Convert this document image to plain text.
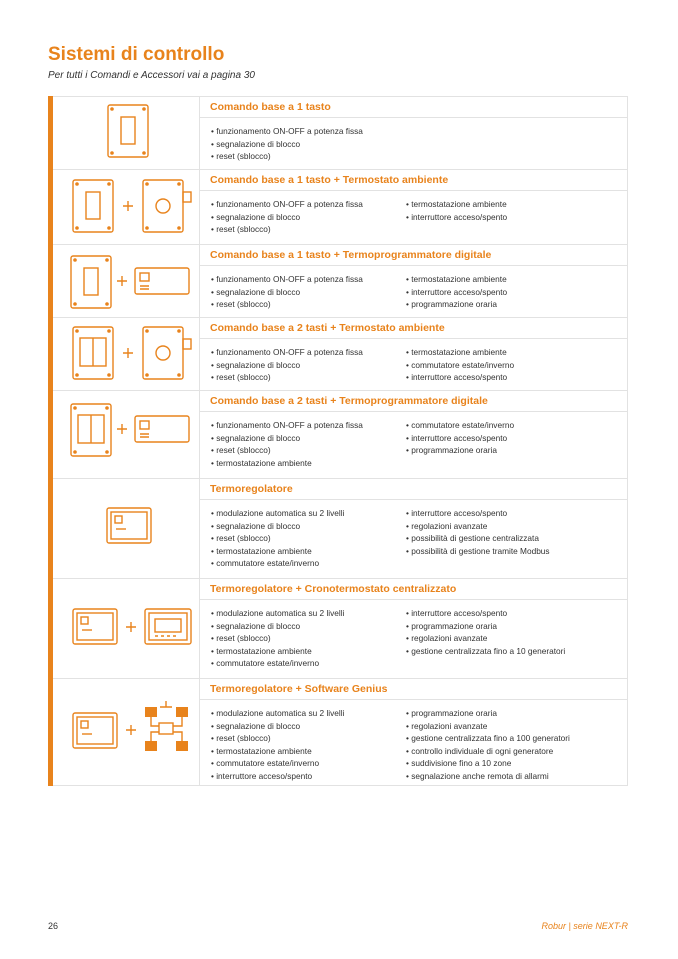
Sistemi di controllo
Per tutti i Comandi e Accessori vai a pagina 30
Comando base a 1 tasto
• funzionamento ON-OFF a potenza fissa
• segnalazione di blocco
• reset (sblocco)
Comando base a 1 tasto + Termostato ambiente
• funzionamento ON-OFF a potenza fissa
• segnalazione di blocco
• reset (sblocco)
• termostatazione ambiente
• interruttore acceso/spento
Comando base a 1 tasto + Termoprogrammatore digitale
• funzionamento ON-OFF a potenza fissa
• segnalazione di blocco
• reset (sblocco)
• termostatazione ambiente
• interruttore acceso/spento
• programmazione oraria
Comando base a 2 tasti + Termostato ambiente
• funzionamento ON-OFF a potenza fissa
• segnalazione di blocco
• reset (sblocco)
• termostatazione ambiente
• commutatore estate/inverno
• interruttore acceso/spento
Comando base a 2 tasti + Termoprogrammatore digitale
• funzionamento ON-OFF a potenza fissa
• segnalazione di blocco
• reset (sblocco)
• termostatazione ambiente
• commutatore estate/inverno
• interruttore acceso/spento
• programmazione oraria
Termoregolatore
• modulazione automatica su 2 livelli
• segnalazione di blocco
• reset (sblocco)
• termostatazione ambiente
• commutatore estate/inverno
• interruttore acceso/spento
• regolazioni avanzate
• possibilità di gestione centralizzata
• possibilità di gestione tramite Modbus
Termoregolatore + Cronotermostato centralizzato
• modulazione automatica su 2 livelli
• segnalazione di blocco
• reset (sblocco)
• termostatazione ambiente
• commutatore estate/inverno
• interruttore acceso/spento
• programmazione oraria
• regolazioni avanzate
• gestione centralizzata fino a 10 generatori
Termoregolatore + Software Genius
• modulazione automatica su 2 livelli
• segnalazione di blocco
• reset (sblocco)
• termostatazione ambiente
• commutatore estate/inverno
• interruttore acceso/spento
• programmazione oraria
• regolazioni avanzate
• gestione centralizzata fino a 100 generatori
• controllo individuale di ogni generatore
• suddivisione fino a 10 zone
• segnalazione anche remota di allarmi
26	Robur | serie NEXT-R
